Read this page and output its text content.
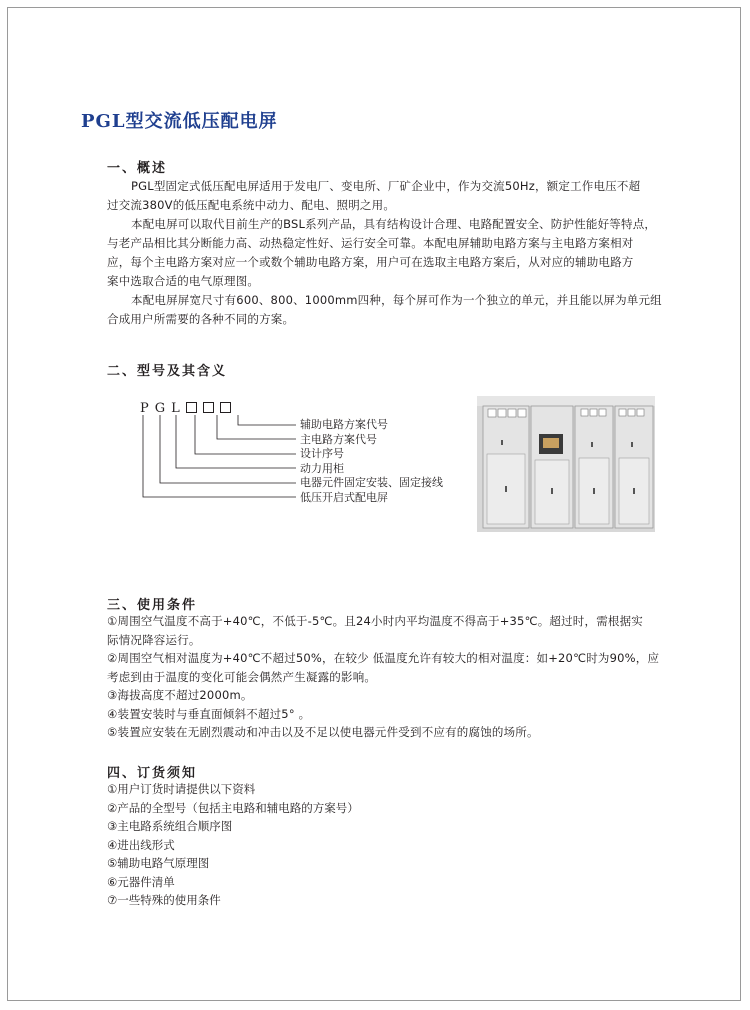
PGL型交流低压配电屏
一、概述
PGL型固定式低压配电屏适用于发电厂、变电所、厂矿企业中，作为交流50Hz，额定工作电压不超
过交流380V的低压配电系统中动力、配电、照明之用。
本配电屏可以取代目前生产的BSL系列产品，具有结构设计合理、电路配置安全、防护性能好等特点，
与老产品相比其分断能力高、动热稳定性好、运行安全可靠。本配电屏辅助电路方案与主电路方案相对
应，每个主电路方案对应一个或数个辅助电路方案，用户可在选取主电路方案后，从对应的辅助电路方
案中选取合适的电气原理图。
本配电屏屏宽尺寸有600、800、1000mm四种，每个屏可作为一个独立的单元，并且能以屏为单元组
合成用户所需要的各种不同的方案。
二、型号及其含义
PGL
辅助电路方案代号
主电路方案代号
设计序号
动力用柜
电器元件固定安装、固定接线
低压开启式配电屏
三、使用条件
①周围空气温度不高于+40℃，不低于-5℃。且24小时内平均温度不得高于+35℃。超过时，需根据实
际情况降容运行。
②周围空气相对温度为+40℃不超过50%，在较少 低温度允许有较大的相对温度：如+20℃时为90%，应
考虑到由于温度的变化可能会偶然产生凝露的影响。
③海拔高度不超过2000m。
④装置安装时与垂直面倾斜不超过5° 。
⑤装置应安装在无剧烈震动和冲击以及不足以使电器元件受到不应有的腐蚀的场所。
四、订货须知
①用户订货时请提供以下资料
②产品的全型号（包括主电路和辅电路的方案号）
③主电路系统组合顺序图
④进出线形式
⑤辅助电路气原理图
⑥元器件清单
⑦一些特殊的使用条件
